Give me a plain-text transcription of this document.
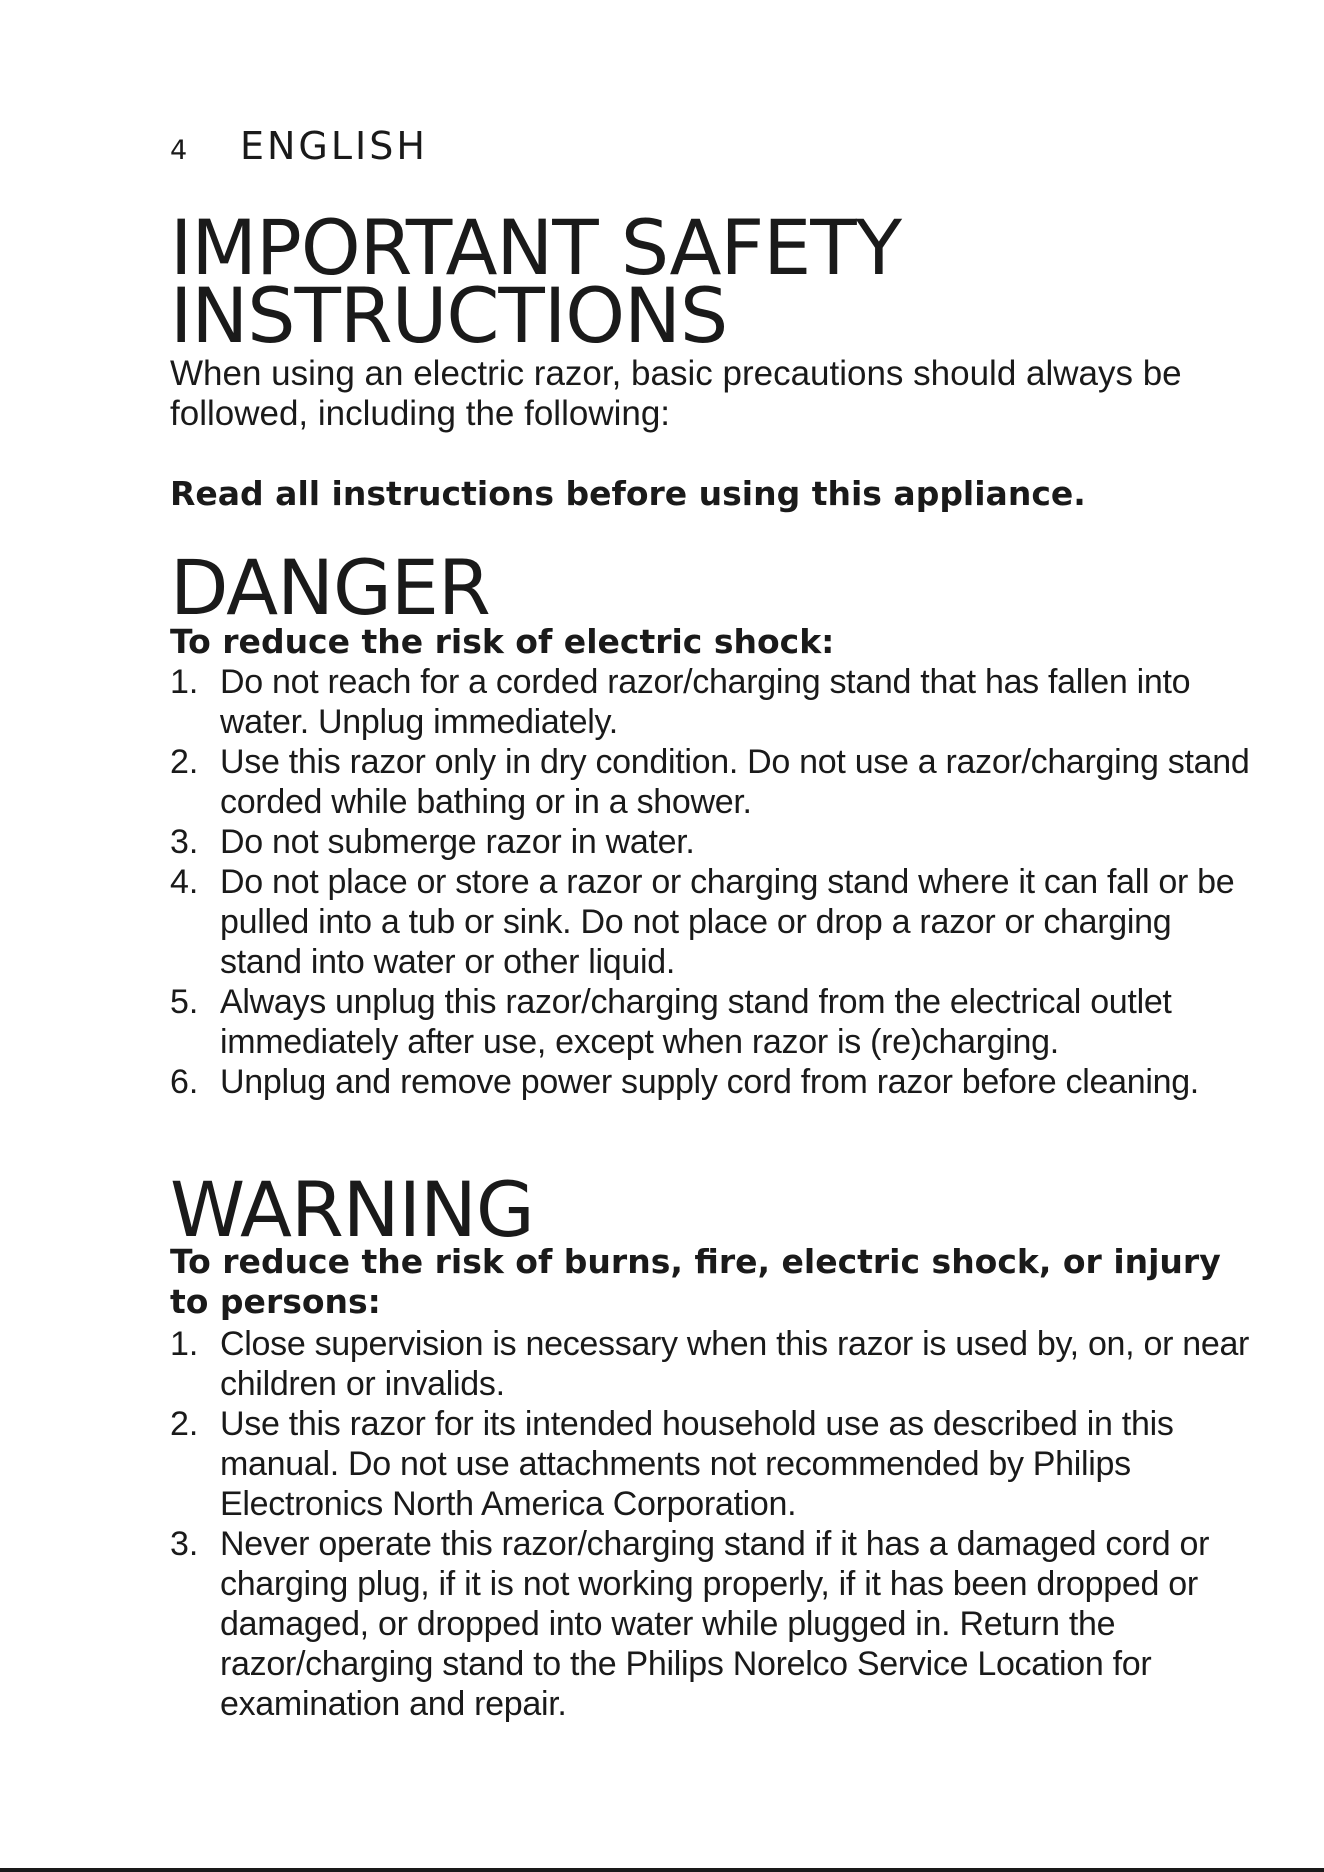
4	ENGLISH
IMPORTANT SAFETY
INSTRUCTIONS

When using an electric razor, basic precautions should always be followed, including the following:

Read all instructions before using this appliance.

DANGER

To reduce the risk of electric shock:

1. Do not reach for a corded razor/charging stand that has fallen into water. Unplug immediately.
2. Use this razor only in dry condition. Do not use a razor/charging stand corded while bathing or in a shower.
3. Do not submerge razor in water.
4. Do not place or store a razor or charging stand where it can fall or be pulled into a tub or sink. Do not place or drop a razor or charging stand into water or other liquid.
5. Always unplug this razor/charging stand from the electrical outlet immediately after use, except when razor is (re)charging.
6. Unplug and remove power supply cord from razor before cleaning.
WARNING

To reduce the risk of burns, fire, electric shock, or injury to persons:

1. Close supervision is necessary when this razor is used by, on, or near children or invalids.
2. Use this razor for its intended household use as described in this manual. Do not use attachments not recommended by Philips Electronics North America Corporation.
3. Never operate this razor/charging stand if it has a damaged cord or charging plug, if it is not working properly, if it has been dropped or damaged, or dropped into water while plugged in. Return the razor/charging stand to the Philips Norelco Service Location for examination and repair.
